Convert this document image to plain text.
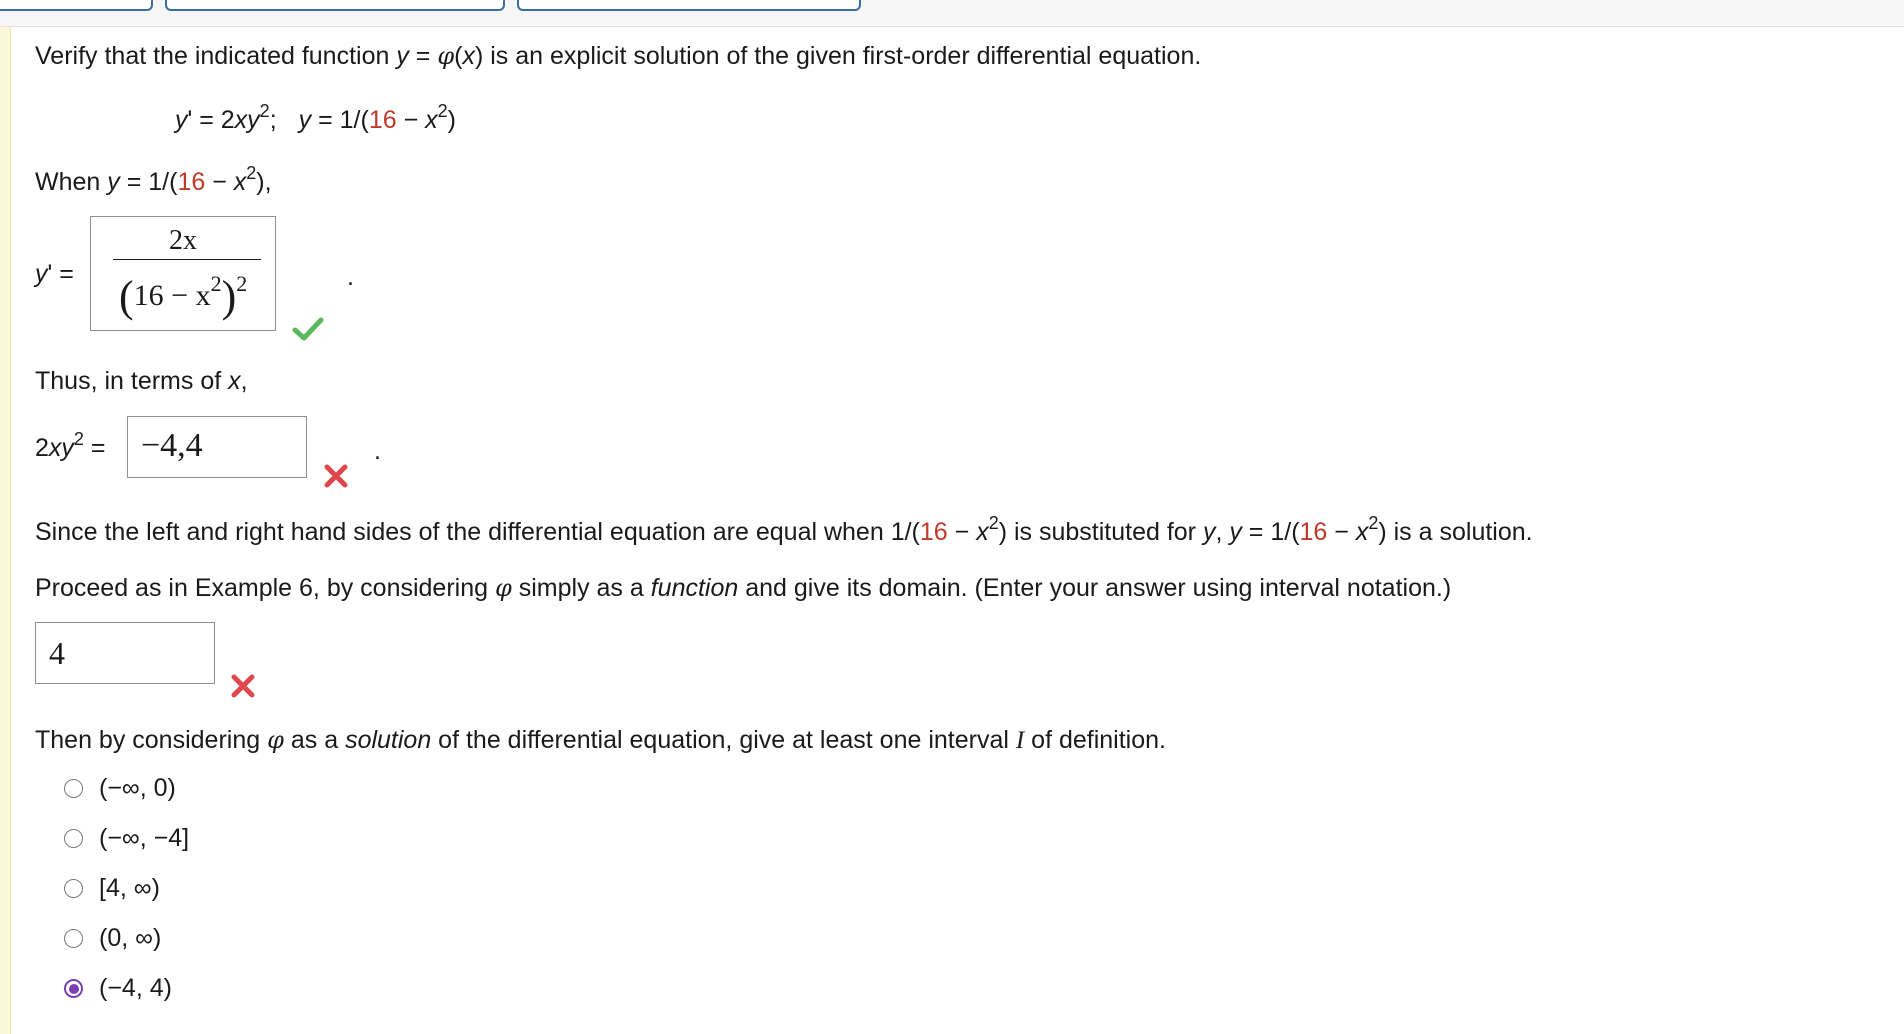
Verify that the indicated function y = φ(x) is an explicit solution of the given first-order differential equation.
$y' = 2xy^2$; $y = 1/(16 - x^2)$
When $y = 1/(16 - x^2)$,
y' =
2x
$(16 - x^2)^2$	.
Thus, in terms of x,
$2xy^2 = -4,4$	.
Since the left and right hand sides of the differential equation are equal when $1/(16 - x^2)$ is substituted for y, $y = 1/(16 - x^2)$ is a solution.
Proceed as in Example 6, by considering φ simply as a function and give its domain. (Enter your answer using interval notation.)
4
Then by considering φ as a solution of the differential equation, give at least one interval I of definition.
(−∞, 0)
(−∞, −4]
[4, ∞)
(0, ∞)
(−4, 4)
